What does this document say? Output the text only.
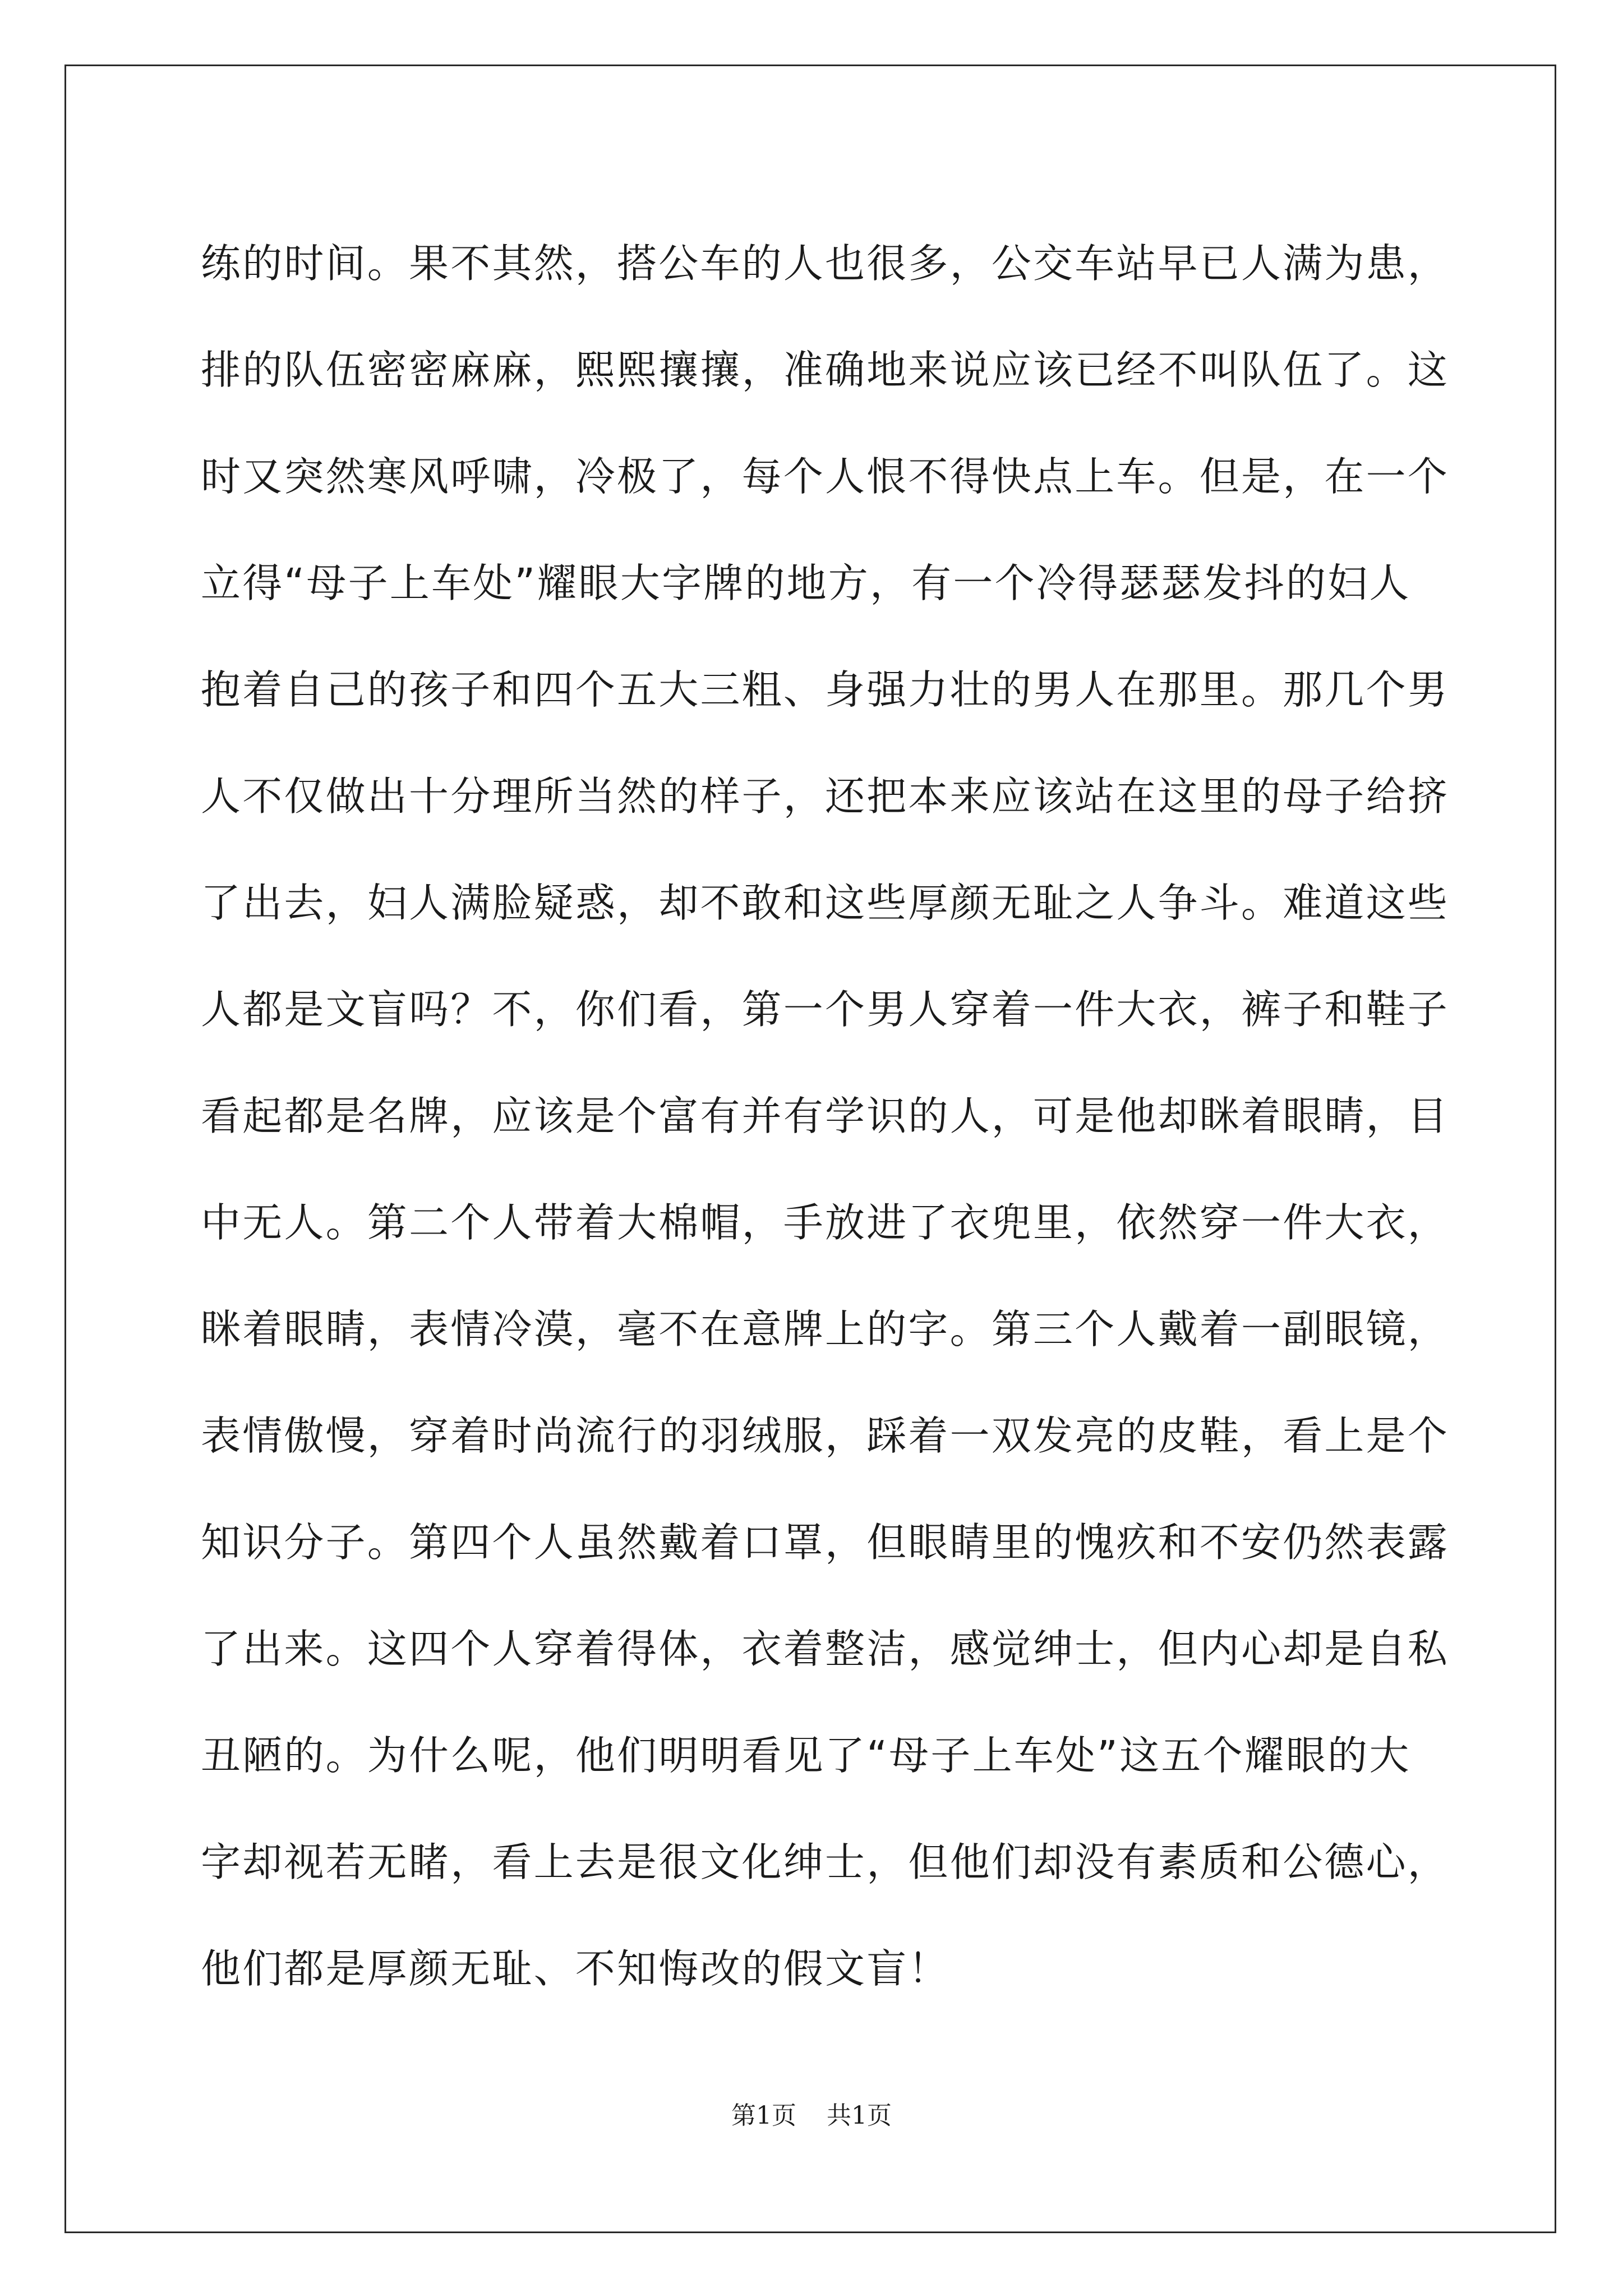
练的时间。果不其然，搭公车的人也很多，公交车站早已人满为患，
排的队伍密密麻麻，熙熙攘攘，准确地来说应该已经不叫队伍了。这
时又突然寒风呼啸，冷极了，每个人恨不得快点上车。但是，在一个
立得“母子上车处”耀眼大字牌的地方，有一个冷得瑟瑟发抖的妇人
抱着自己的孩子和四个五大三粗、身强力壮的男人在那里。那几个男
人不仅做出十分理所当然的样子，还把本来应该站在这里的母子给挤
了出去，妇人满脸疑惑，却不敢和这些厚颜无耻之人争斗。难道这些
人都是文盲吗？不，你们看，第一个男人穿着一件大衣，裤子和鞋子
看起都是名牌，应该是个富有并有学识的人，可是他却眯着眼睛，目
中无人。第二个人带着大棉帽，手放进了衣兜里，依然穿一件大衣，
眯着眼睛，表情冷漠，毫不在意牌上的字。第三个人戴着一副眼镜，
表情傲慢，穿着时尚流行的羽绒服，踩着一双发亮的皮鞋，看上是个
知识分子。第四个人虽然戴着口罩，但眼睛里的愧疚和不安仍然表露
了出来。这四个人穿着得体，衣着整洁，感觉绅士，但内心却是自私
丑陋的。为什么呢，他们明明看见了“母子上车处”这五个耀眼的大
字却视若无睹，看上去是很文化绅士，但他们却没有素质和公德心，
他们都是厚颜无耻、不知悔改的假文盲！
第1页 共1页
